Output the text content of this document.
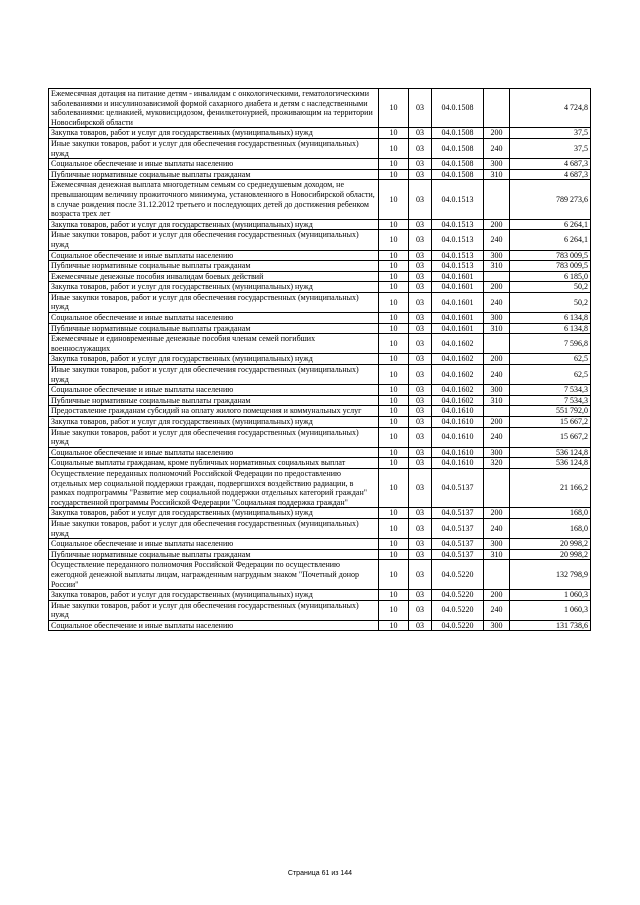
Ежемесячная дотация на питание детям - инвалидам с онкологическими, гематологическими заболеваниями и инсулинозависимой формой сахарного диабета и детям с наследственными заболеваниями: целиакией, муковисцидозом, фенилкетонурией, проживающим на территории Новосибирской области	10	03	04.0.1508		4 724,8
Закупка товаров, работ и услуг для государственных (муниципальных) нужд	10	03	04.0.1508	200	37,5
Иные закупки товаров, работ и услуг для обеспечения государственных (муниципальных) нужд	10	03	04.0.1508	240	37,5
Социальное обеспечение и иные выплаты населению	10	03	04.0.1508	300	4 687,3
Публичные нормативные социальные выплаты гражданам	10	03	04.0.1508	310	4 687,3
Ежемесячная денежная выплата многодетным семьям со среднедушевым доходом, не превышающим величину прожиточного минимума, установленного в Новосибирской области, в случае рождения после 31.12.2012 третьего и последующих детей до достижения ребенком возраста трех лет	10	03	04.0.1513		789 273,6
Закупка товаров, работ и услуг для государственных (муниципальных) нужд	10	03	04.0.1513	200	6 264,1
Иные закупки товаров, работ и услуг для обеспечения государственных (муниципальных) нужд	10	03	04.0.1513	240	6 264,1
Социальное обеспечение и иные выплаты населению	10	03	04.0.1513	300	783 009,5
Публичные нормативные социальные выплаты гражданам	10	03	04.0.1513	310	783 009,5
Ежемесячные денежные пособия инвалидам боевых действий	10	03	04.0.1601		6 185,0
Закупка товаров, работ и услуг для государственных (муниципальных) нужд	10	03	04.0.1601	200	50,2
Иные закупки товаров, работ и услуг для обеспечения государственных (муниципальных) нужд	10	03	04.0.1601	240	50,2
Социальное обеспечение и иные выплаты населению	10	03	04.0.1601	300	6 134,8
Публичные нормативные социальные выплаты гражданам	10	03	04.0.1601	310	6 134,8
Ежемесячные и единовременные денежные пособия членам семей погибших военнослужащих	10	03	04.0.1602		7 596,8
Закупка товаров, работ и услуг для государственных (муниципальных) нужд	10	03	04.0.1602	200	62,5
Иные закупки товаров, работ и услуг для обеспечения государственных (муниципальных) нужд	10	03	04.0.1602	240	62,5
Социальное обеспечение и иные выплаты населению	10	03	04.0.1602	300	7 534,3
Публичные нормативные социальные выплаты гражданам	10	03	04.0.1602	310	7 534,3
Предоставление гражданам субсидий на оплату жилого помещения и коммунальных услуг	10	03	04.0.1610		551 792,0
Закупка товаров, работ и услуг для государственных (муниципальных) нужд	10	03	04.0.1610	200	15 667,2
Иные закупки товаров, работ и услуг для обеспечения государственных (муниципальных) нужд	10	03	04.0.1610	240	15 667,2
Социальное обеспечение и иные выплаты населению	10	03	04.0.1610	300	536 124,8
Социальные выплаты гражданам, кроме публичных нормативных социальных выплат	10	03	04.0.1610	320	536 124,8
Осуществление переданных полномочий Российской Федерации по предоставлению отдельных мер социальной поддержки граждан, подвергшихся воздействию радиации, в рамках подпрограммы "Развитие мер социальной поддержки отдельных категорий граждан" государственной программы Российской Федерации "Социальная поддержка граждан"	10	03	04.0.5137		21 166,2
Закупка товаров, работ и услуг для государственных (муниципальных) нужд	10	03	04.0.5137	200	168,0
Иные закупки товаров, работ и услуг для обеспечения государственных (муниципальных) нужд	10	03	04.0.5137	240	168,0
Социальное обеспечение и иные выплаты населению	10	03	04.0.5137	300	20 998,2
Публичные нормативные социальные выплаты гражданам	10	03	04.0.5137	310	20 998,2
Осуществление переданного полномочия Российской Федерации по осуществлению ежегодной денежной выплаты лицам, награжденным нагрудным знаком "Почетный донор России"	10	03	04.0.5220		132 798,9
Закупка товаров, работ и услуг для государственных (муниципальных) нужд	10	03	04.0.5220	200	1 060,3
Иные закупки товаров, работ и услуг для обеспечения государственных (муниципальных) нужд	10	03	04.0.5220	240	1 060,3
Социальное обеспечение и иные выплаты населению	10	03	04.0.5220	300	131 738,6
Страница 61 из 144
